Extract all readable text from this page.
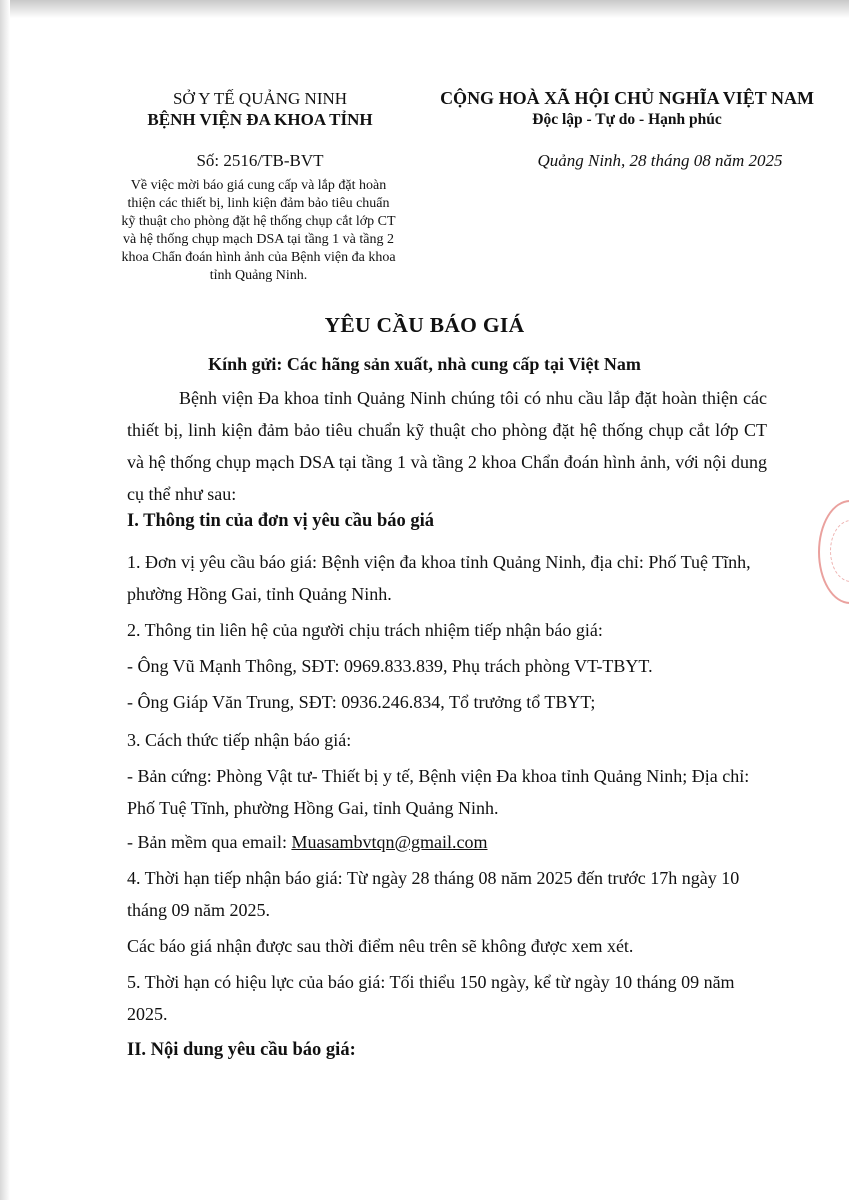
SỞ Y TẾ QUẢNG NINH
BỆNH VIỆN ĐA KHOA TỈNH
CỘNG HOÀ XÃ HỘI CHỦ NGHĨA VIỆT NAM
Độc lập - Tự do - Hạnh phúc
Số: 2516/TB-BVT	Quảng Ninh, 28 tháng 08 năm 2025
Về việc mời báo giá cung cấp và lắp đặt hoàn
thiện các thiết bị, linh kiện đảm bảo tiêu chuẩn
kỹ thuật cho phòng đặt hệ thống chụp cắt lớp CT
và hệ thống chụp mạch DSA tại tầng 1 và tầng 2
khoa Chẩn đoán hình ảnh của Bệnh viện đa khoa
tỉnh Quảng Ninh.
YÊU CẦU BÁO GIÁ
Kính gửi: Các hãng sản xuất, nhà cung cấp tại Việt Nam
Bệnh viện Đa khoa tỉnh Quảng Ninh chúng tôi có nhu cầu lắp đặt hoàn thiện các thiết bị, linh kiện đảm bảo tiêu chuẩn kỹ thuật cho phòng đặt hệ thống chụp cắt lớp CT và hệ thống chụp mạch DSA tại tầng 1 và tầng 2 khoa Chẩn đoán hình ảnh, với nội dung cụ thể như sau:
I. Thông tin của đơn vị yêu cầu báo giá
1. Đơn vị yêu cầu báo giá: Bệnh viện đa khoa tỉnh Quảng Ninh, địa chỉ: Phố Tuệ Tĩnh, phường Hồng Gai, tỉnh Quảng Ninh.
2. Thông tin liên hệ của người chịu trách nhiệm tiếp nhận báo giá:
- Ông Vũ Mạnh Thông, SĐT: 0969.833.839, Phụ trách phòng VT-TBYT.
- Ông Giáp Văn Trung, SĐT: 0936.246.834, Tổ trưởng tổ TBYT;
3. Cách thức tiếp nhận báo giá:
- Bản cứng: Phòng Vật tư- Thiết bị y tế, Bệnh viện Đa khoa tỉnh Quảng Ninh; Địa chỉ: Phố Tuệ Tĩnh, phường Hồng Gai, tỉnh Quảng Ninh.
- Bản mềm qua email: Muasambvtqn@gmail.com
4. Thời hạn tiếp nhận báo giá: Từ ngày 28 tháng 08 năm 2025 đến trước 17h ngày 10 tháng 09 năm 2025.
Các báo giá nhận được sau thời điểm nêu trên sẽ không được xem xét.
5. Thời hạn có hiệu lực của báo giá: Tối thiểu 150 ngày, kể từ ngày 10 tháng 09 năm 2025.
II. Nội dung yêu cầu báo giá:
